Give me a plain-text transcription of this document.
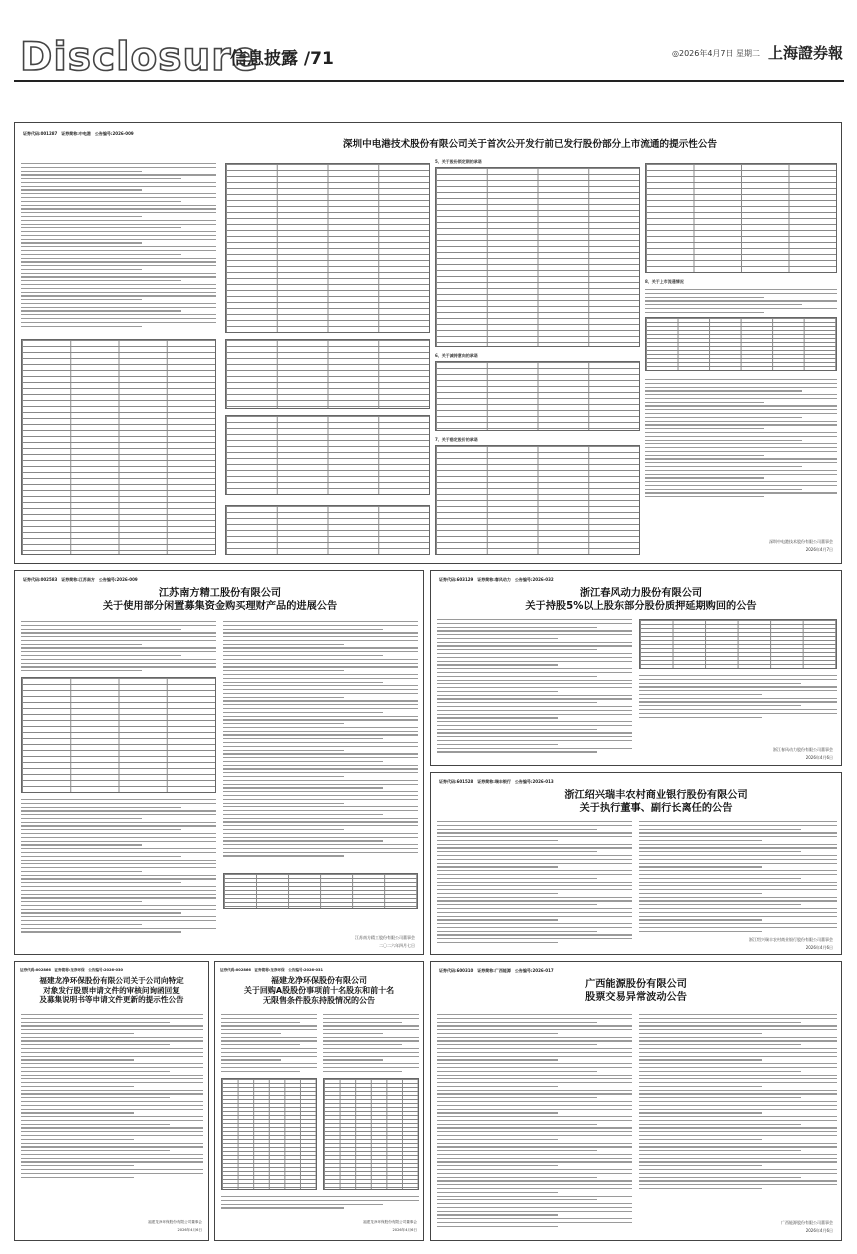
Disclosure
信息披露 /71	◎2026年4月7日 星期二 上海證券報
证券代码:001287　证券简称:中电港　公告编号:2026-009
深圳中电港技术股份有限公司关于首次公开发行前已发行股份部分上市流通的提示性公告
5、关于股份锁定期的承诺
6、关于减持意向的承诺
7、关于稳定股价的承诺
8、关于上市流通情况
深圳中电港技术股份有限公司董事会
2026年4月7日
证券代码:002583　证券简称:江苏南方　公告编号:2026-009
江苏南方精工股份有限公司
关于使用部分闲置募集资金购买理财产品的进展公告
江苏南方精工股份有限公司董事会
二〇二六年四月七日
证券代码:603129　证券简称:春风动力　公告编号:2026-032
浙江春风动力股份有限公司
关于持股5%以上股东部分股份质押延期购回的公告
浙江春风动力股份有限公司董事会
2026年4月6日
证券代码:601528　证券简称:瑞丰银行　公告编号:2026-013
浙江绍兴瑞丰农村商业银行股份有限公司
关于执行董事、副行长离任的公告
浙江绍兴瑞丰农村商业银行股份有限公司董事会
2026年4月6日
证券代码:002866　证券简称:龙净环保　公告编号:2026-030
福建龙净环保股份有限公司关于公司向特定
对象发行股票申请文件的审核问询函回复
及募集说明书等申请文件更新的提示性公告
福建龙净环保股份有限公司董事会
2026年4月6日
证券代码:002866　证券简称:龙净环保　公告编号:2026-031
福建龙净环保股份有限公司
关于回购A股股份事项前十名股东和前十名
无限售条件股东持股情况的公告
福建龙净环保股份有限公司董事会
2026年4月6日
证券代码:600310　证券简称:广西能源　公告编号:2026-017
广西能源股份有限公司
股票交易异常波动公告
广西能源股份有限公司董事会
2026年4月6日
